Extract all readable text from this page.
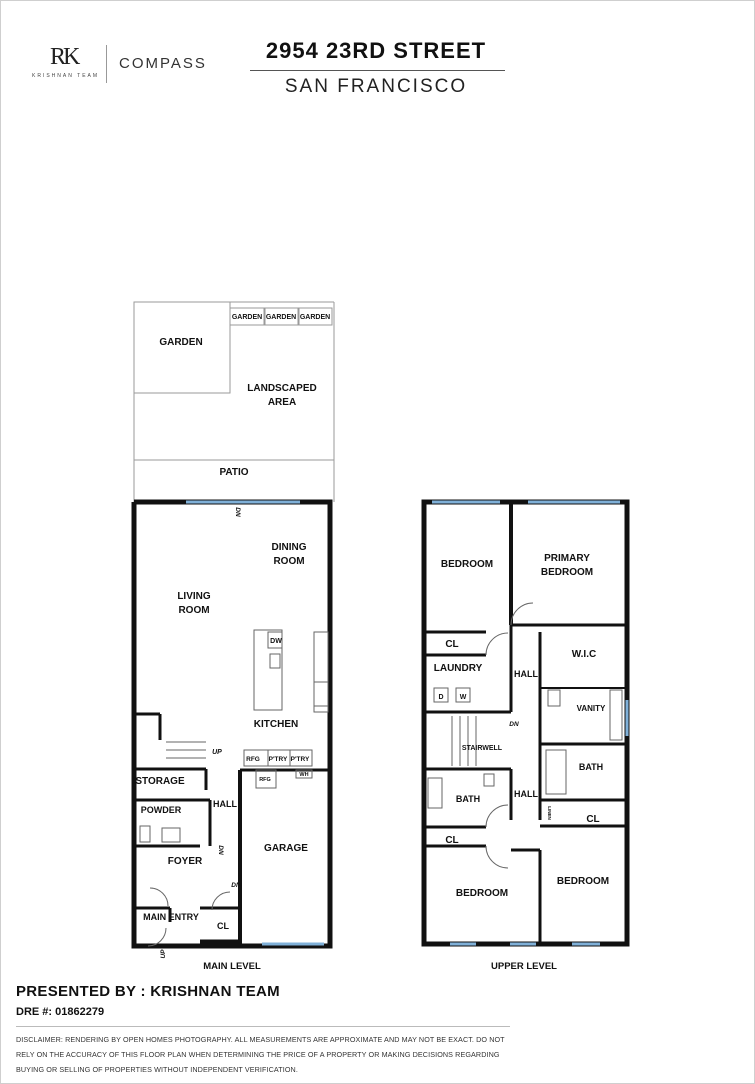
RK
KRISHNAN TEAM
COMPASS
2954 23RD STREET
SAN FRANCISCO
GARDEN GARDEN GARDEN
GARDEN
LANDSCAPED
AREA
PATIO
DINING
ROOM
LIVING
ROOM
KITCHEN
STORAGE
POWDER
HALL
FOYER
GARAGE
MAIN ENTRY
CL
DW
RFG P'TRY P'TRY
RFG
WH
UP
DN
DN
DN
UP
MAIN LEVEL
BEDROOM
PRIMARY
BEDROOM
CL
LAUNDRY	HALL
W.I.C
VANITY
BATH
STAIRWELL
BATH	HALL
CL
CL
BEDROOM
BEDROOM
D W
DN
LINEN
UPPER LEVEL
PRESENTED BY : KRISHNAN TEAM
DRE #: 01862279
DISCLAIMER: RENDERING BY OPEN HOMES PHOTOGRAPHY. ALL MEASUREMENTS ARE APPROXIMATE AND MAY NOT BE EXACT. DO NOT RELY ON THE ACCURACY OF THIS FLOOR PLAN WHEN DETERMINING THE PRICE OF A PROPERTY OR MAKING DECISIONS REGARDING BUYING OR SELLING OF PROPERTIES WITHOUT INDEPENDENT VERIFICATION.
